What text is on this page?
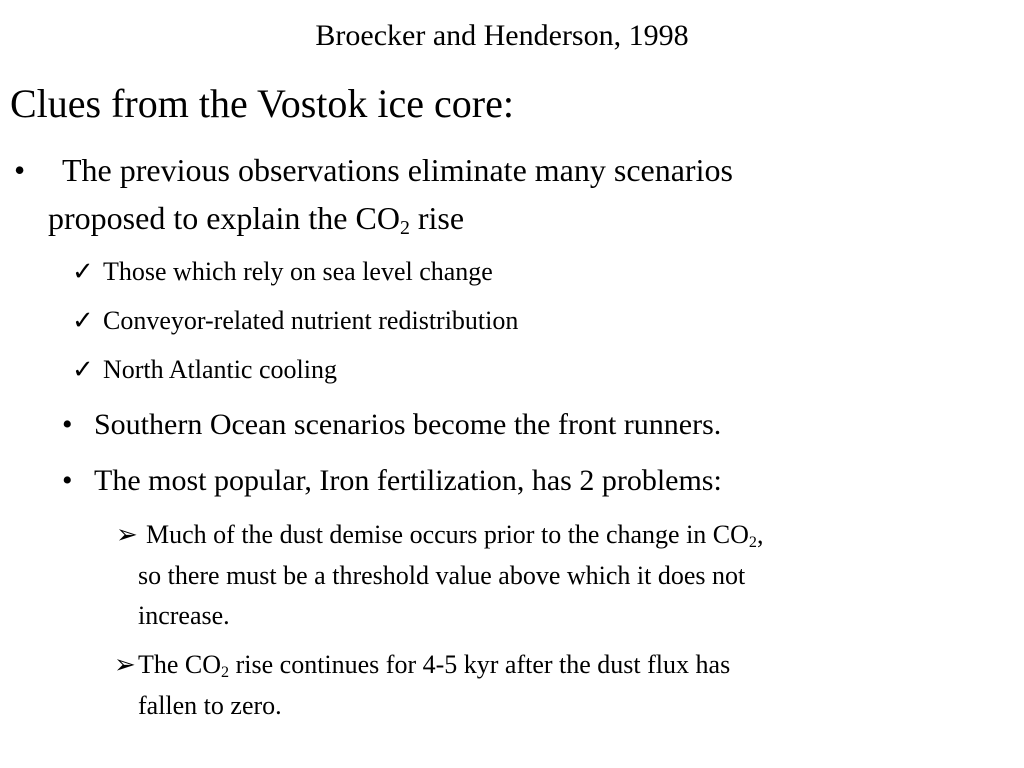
Broecker and Henderson, 1998
Clues from the Vostok ice core:
• The previous observations eliminate many scenarios
proposed to explain the $CO_2$ rise
✓ Those which rely on sea level change
✓ Conveyor-related nutrient redistribution
✓ North Atlantic cooling
• Southern Ocean scenarios become the front runners.
• The most popular, Iron fertilization, has 2 problems:
➢ Much of the dust demise occurs prior to the change in $CO_2$,
so there must be a threshold value above which it does not
increase.
➢ The $CO_2$ rise continues for 4-5 kyr after the dust flux has
fallen to zero.
